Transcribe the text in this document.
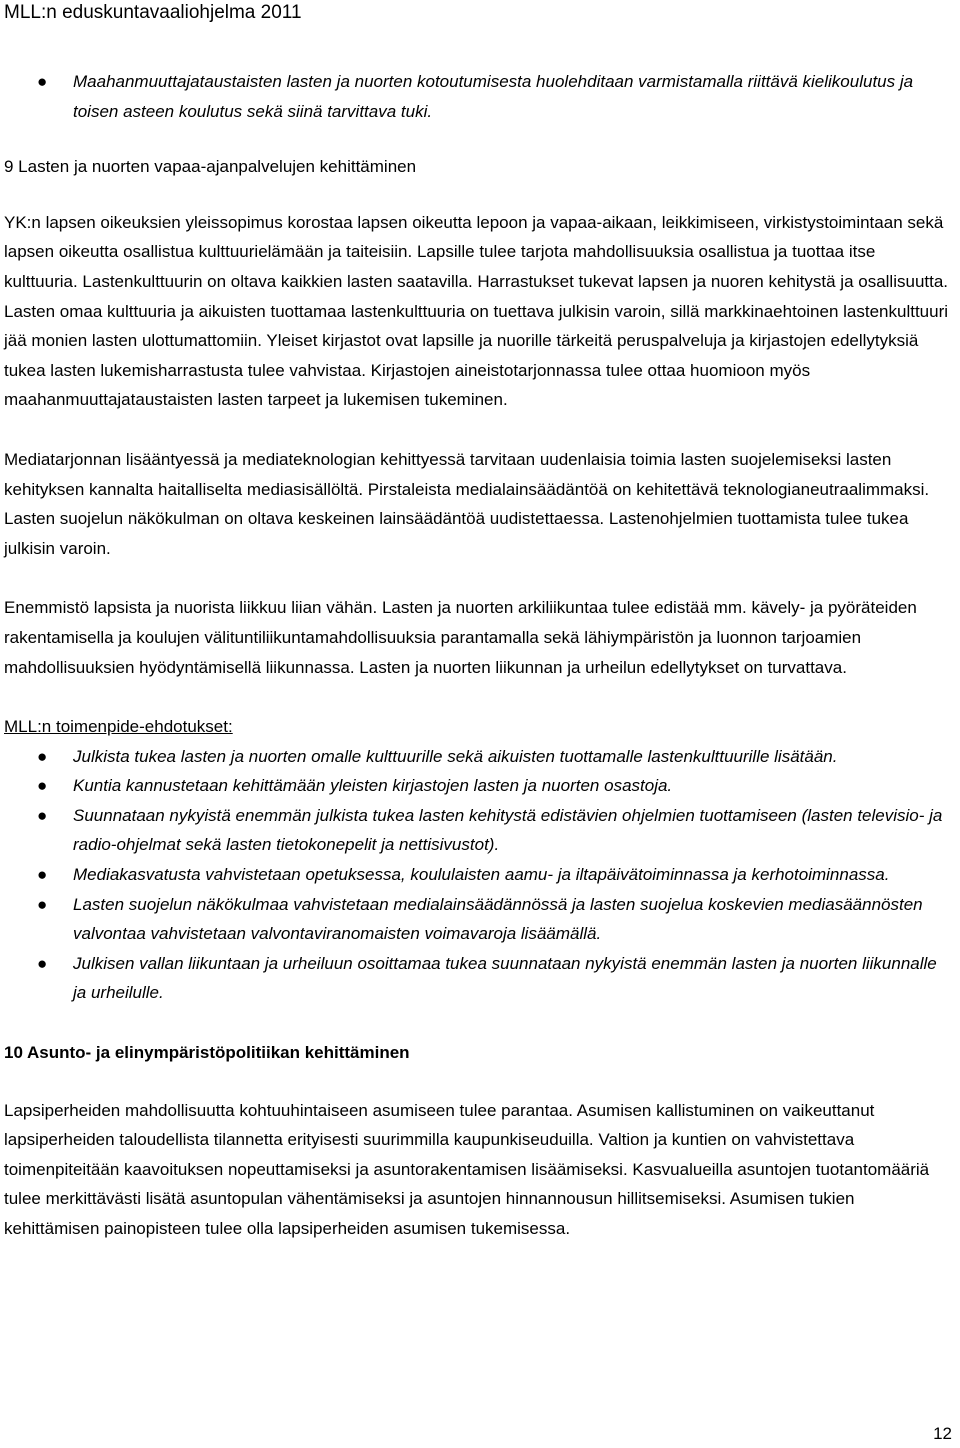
MLL:n eduskuntavaaliohjelma 2011
● Maahanmuuttajataustaisten lasten ja nuorten kotoutumisesta huolehditaan varmistamalla riittävä kielikoulutus ja toisen asteen koulutus sekä siinä tarvittava tuki.

9 Lasten ja nuorten vapaa-ajanpalvelujen kehittäminen

YK:n lapsen oikeuksien yleissopimus korostaa lapsen oikeutta lepoon ja vapaa-aikaan, leikkimiseen, virkistystoimintaan sekä lapsen oikeutta osallistua kulttuurielämään ja taiteisiin. Lapsille tulee tarjota mahdollisuuksia osallistua ja tuottaa itse kulttuuria. Lastenkulttuurin on oltava kaikkien lasten saatavilla. Harrastukset tukevat lapsen ja nuoren kehitystä ja osallisuutta. Lasten omaa kulttuuria ja aikuisten tuottamaa lastenkulttuuria on tuettava julkisin varoin, sillä markkinaehtoinen lastenkulttuuri jää monien lasten ulottumattomiin. Yleiset kirjastot ovat lapsille ja nuorille tärkeitä peruspalveluja ja kirjastojen edellytyksiä tukea lasten lukemisharrastusta tulee vahvistaa. Kirjastojen aineistotarjonnassa tulee ottaa huomioon myös maahanmuuttajataustaisten lasten tarpeet ja lukemisen tukeminen.

Mediatarjonnan lisääntyessä ja mediateknologian kehittyessä tarvitaan uudenlaisia toimia lasten suojelemiseksi lasten kehityksen kannalta haitalliselta mediasisällöltä. Pirstaleista medialainsäädäntöä on kehitettävä teknologianeutraalimmaksi. Lasten suojelun näkökulman on oltava keskeinen lainsäädäntöä uudistettaessa. Lastenohjelmien tuottamista tulee tukea julkisin varoin.

Enemmistö lapsista ja nuorista liikkuu liian vähän. Lasten ja nuorten arkiliikuntaa tulee edistää mm. kävely- ja pyöräteiden rakentamisella ja koulujen välituntiliikuntamahdollisuuksia parantamalla sekä lähiympäristön ja luonnon tarjoamien mahdollisuuksien hyödyntämisellä liikunnassa. Lasten ja nuorten liikunnan ja urheilun edellytykset on turvattava.

MLL:n toimenpide-ehdotukset:

● Julkista tukea lasten ja nuorten omalle kulttuurille sekä aikuisten tuottamalle lastenkulttuurille lisätään.
● Kuntia kannustetaan kehittämään yleisten kirjastojen lasten ja nuorten osastoja.
● Suunnataan nykyistä enemmän julkista tukea lasten kehitystä edistävien ohjelmien tuottamiseen (lasten televisio- ja radio-ohjelmat sekä lasten tietokonepelit ja nettisivustot).
● Mediakasvatusta vahvistetaan opetuksessa, koululaisten aamu- ja iltapäivätoiminnassa ja kerhotoiminnassa.
● Lasten suojelun näkökulmaa vahvistetaan medialainsäädännössä ja lasten suojelua koskevien mediasäännösten valvontaa vahvistetaan valvontaviranomaisten voimavaroja lisäämällä.
● Julkisen vallan liikuntaan ja urheiluun osoittamaa tukea suunnataan nykyistä enemmän lasten ja nuorten liikunnalle ja urheilulle.

10 Asunto- ja elinympäristöpolitiikan kehittäminen

Lapsiperheiden mahdollisuutta kohtuuhintaiseen asumiseen tulee parantaa. Asumisen kallistuminen on vaikeuttanut lapsiperheiden taloudellista tilannetta erityisesti suurimmilla kaupunkiseuduilla. Valtion ja kuntien on vahvistettava toimenpiteitään kaavoituksen nopeuttamiseksi ja asuntorakentamisen lisäämiseksi. Kasvualueilla asuntojen tuotantomääriä tulee merkittävästi lisätä asuntopulan vähentämiseksi ja asuntojen hinnannousun hillitsemiseksi. Asumisen tukien kehittämisen painopisteen tulee olla lapsiperheiden asumisen tukemisessa.

12
